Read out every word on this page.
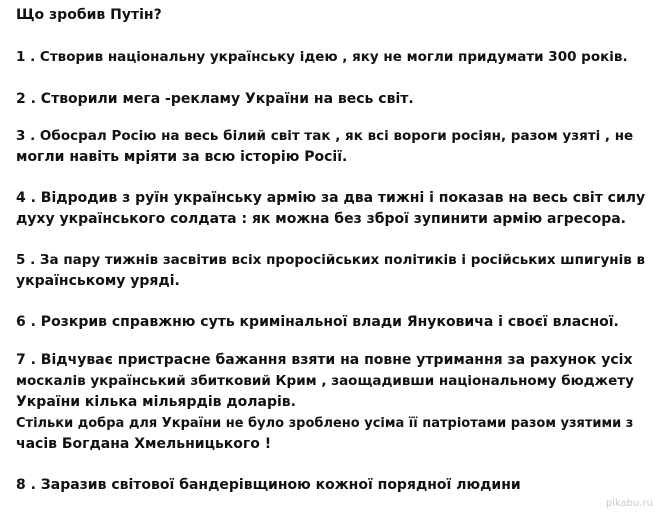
Що зробив Путін?
1 . Створив національну українську ідею , яку не могли придумати 300 років.
2 . Створили мега -рекламу України на весь світ.
3 . Обосрал Росію на весь білий світ так , як всі вороги росіян, разом узяті , не
могли навіть мріяти за всю історію Росії.
4 . Відродив з руїн українську армію за два тижні і показав на весь світ силу
духу українського солдата : як можна без зброї зупинити армію агресора.
5 . За пару тижнів засвітив всіх проросійських політиків і російських шпигунів в
українському уряді.
6 . Розкрив справжню суть кримінальної влади Януковича і своєї власної.
7 . Відчуває пристрасне бажання взяти на повне утримання за рахунок усіх
москалів український збитковий Крим , заощадивши національному бюджету
України кілька мільярдів доларів.
Стільки добра для України не було зроблено усіма її патріотами разом узятими з
часів Богдана Хмельницького !
8 . Заразив світової бандерівщиною кожної порядної людини
pikabu.ru
